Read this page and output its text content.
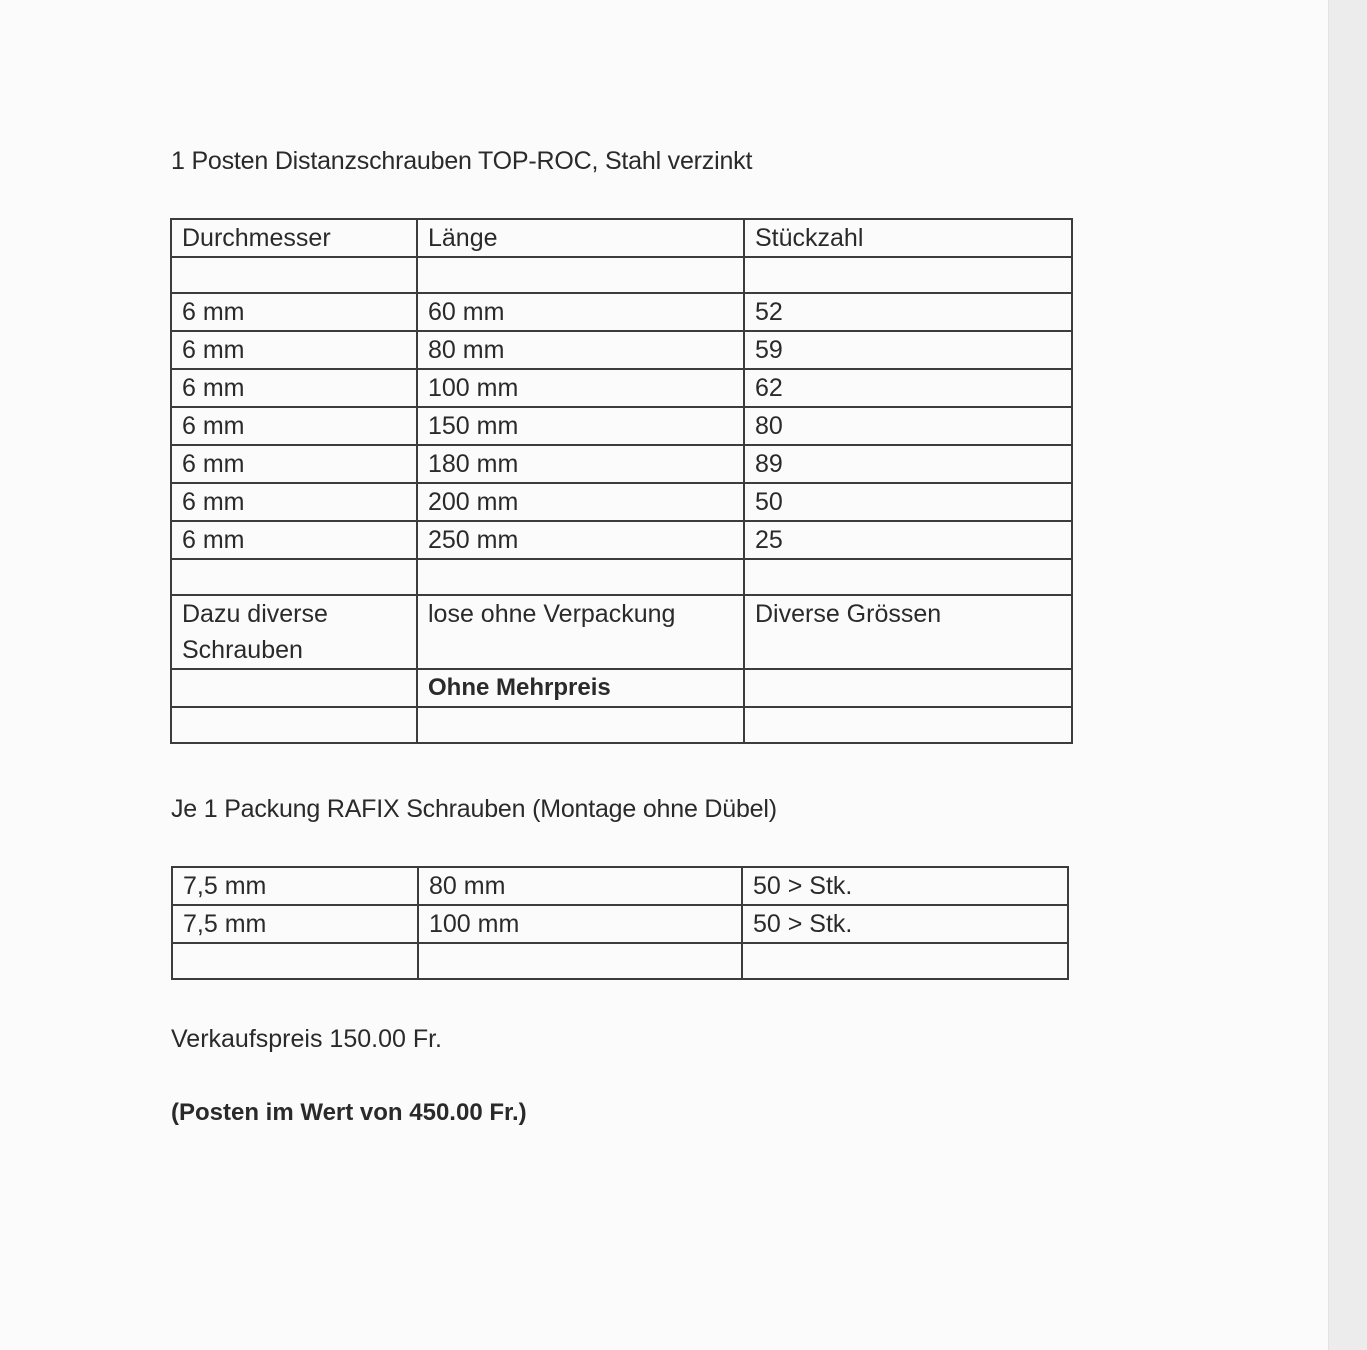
1 Posten Distanzschrauben TOP-ROC, Stahl verzinkt
Durchmesser	Länge	Stückzahl

6 mm	60 mm	52
6 mm	80 mm	59
6 mm	100 mm	62
6 mm	150 mm	80
6 mm	180 mm	89
6 mm	200 mm	50
6 mm	250 mm	25

Dazu diverse Schrauben	lose ohne Verpackung	Diverse Grössen
	Ohne Mehrpreis	

Je 1 Packung RAFIX Schrauben (Montage ohne Dübel)
7,5 mm	80 mm	50 > Stk.
7,5 mm	100 mm	50 > Stk.

Verkaufspreis 150.00 Fr.
(Posten im Wert von 450.00 Fr.)
